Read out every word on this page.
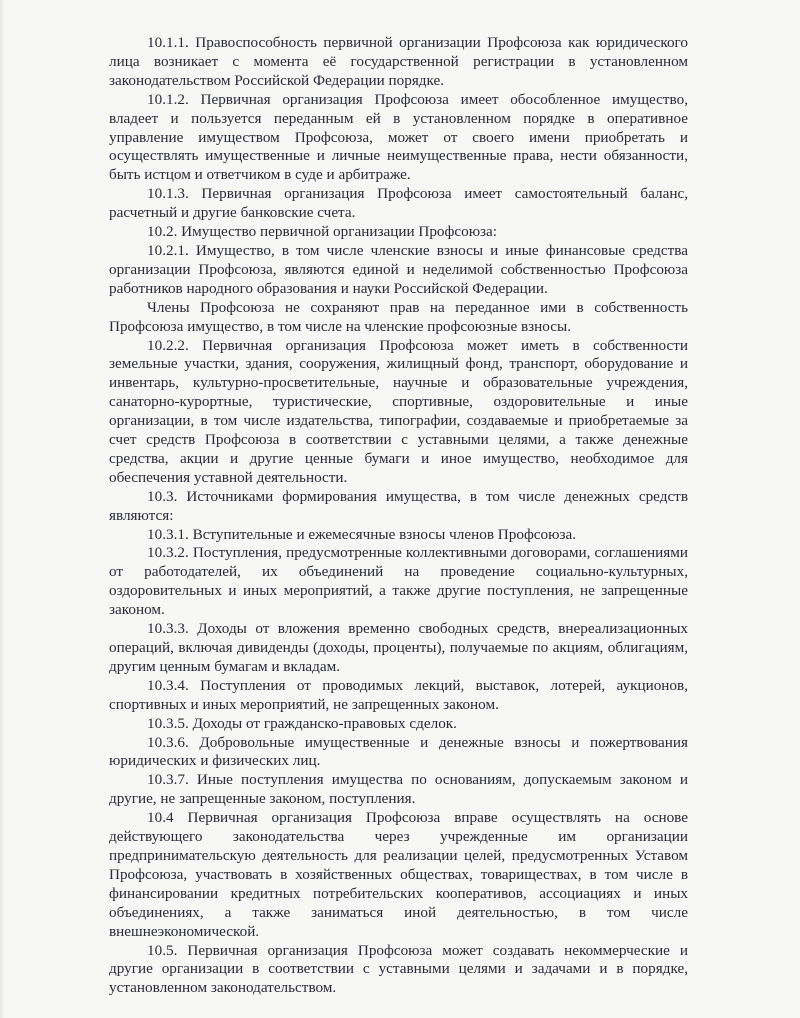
10.1.1. Правоспособность первичной организации Профсоюза как юридического лица возникает с момента её государственной регистрации в установленном законодательством Российской Федерации порядке.

10.1.2. Первичная организация Профсоюза имеет обособленное имущество, владеет и пользуется переданным ей в установленном порядке в оперативное управление имуществом Профсоюза, может от своего имени приобретать и осуществлять имущественные и личные неимущественные права, нести обязанности, быть истцом и ответчиком в суде и арбитраже.

10.1.3. Первичная организация Профсоюза имеет самостоятельный баланс, расчетный и другие банковские счета.

10.2. Имущество первичной организации Профсоюза:

10.2.1. Имущество, в том числе членские взносы и иные финансовые средства организации Профсоюза, являются единой и неделимой собственностью Профсоюза работников народного образования и науки Российской Федерации.

Члены Профсоюза не сохраняют прав на переданное ими в собственность Профсоюза имущество, в том числе на членские профсоюзные взносы.

10.2.2. Первичная организация Профсоюза может иметь в собственности земельные участки, здания, сооружения, жилищный фонд, транспорт, оборудование и инвентарь, культурно-просветительные, научные и образовательные учреждения, санаторно-курортные, туристические, спортивные, оздоровительные и иные организации, в том числе издательства, типографии, создаваемые и приобретаемые за счет средств Профсоюза в соответствии с уставными целями, а также денежные средства, акции и другие ценные бумаги и иное имущество, необходимое для обеспечения уставной деятельности.

10.3. Источниками формирования имущества, в том числе денежных средств являются:

10.3.1. Вступительные и ежемесячные взносы членов Профсоюза.

10.3.2. Поступления, предусмотренные коллективными договорами, соглашениями от работодателей, их объединений на проведение социально-культурных, оздоровительных и иных мероприятий, а также другие поступления, не запрещенные законом.

10.3.3. Доходы от вложения временно свободных средств, внереализационных операций, включая дивиденды (доходы, проценты), получаемые по акциям, облигациям, другим ценным бумагам и вкладам.

10.3.4. Поступления от проводимых лекций, выставок, лотерей, аукционов, спортивных и иных мероприятий, не запрещенных законом.

10.3.5. Доходы от гражданско-правовых сделок.

10.3.6. Добровольные имущественные и денежные взносы и пожертвования юридических и физических лиц.

10.3.7. Иные поступления имущества по основаниям, допускаемым законом и другие, не запрещенные законом, поступления.

10.4 Первичная организация Профсоюза вправе осуществлять на основе действующего законодательства через учрежденные им организации предпринимательскую деятельность для реализации целей, предусмотренных Уставом Профсоюза, участвовать в хозяйственных обществах, товариществах, в том числе в финансировании кредитных потребительских кооперативов, ассоциациях и иных объединениях, а также заниматься иной деятельностью, в том числе внешнеэкономической.

10.5. Первичная организация Профсоюза может создавать некоммерческие и другие организации в соответствии с уставными целями и задачами и в порядке, установленном законодательством.
